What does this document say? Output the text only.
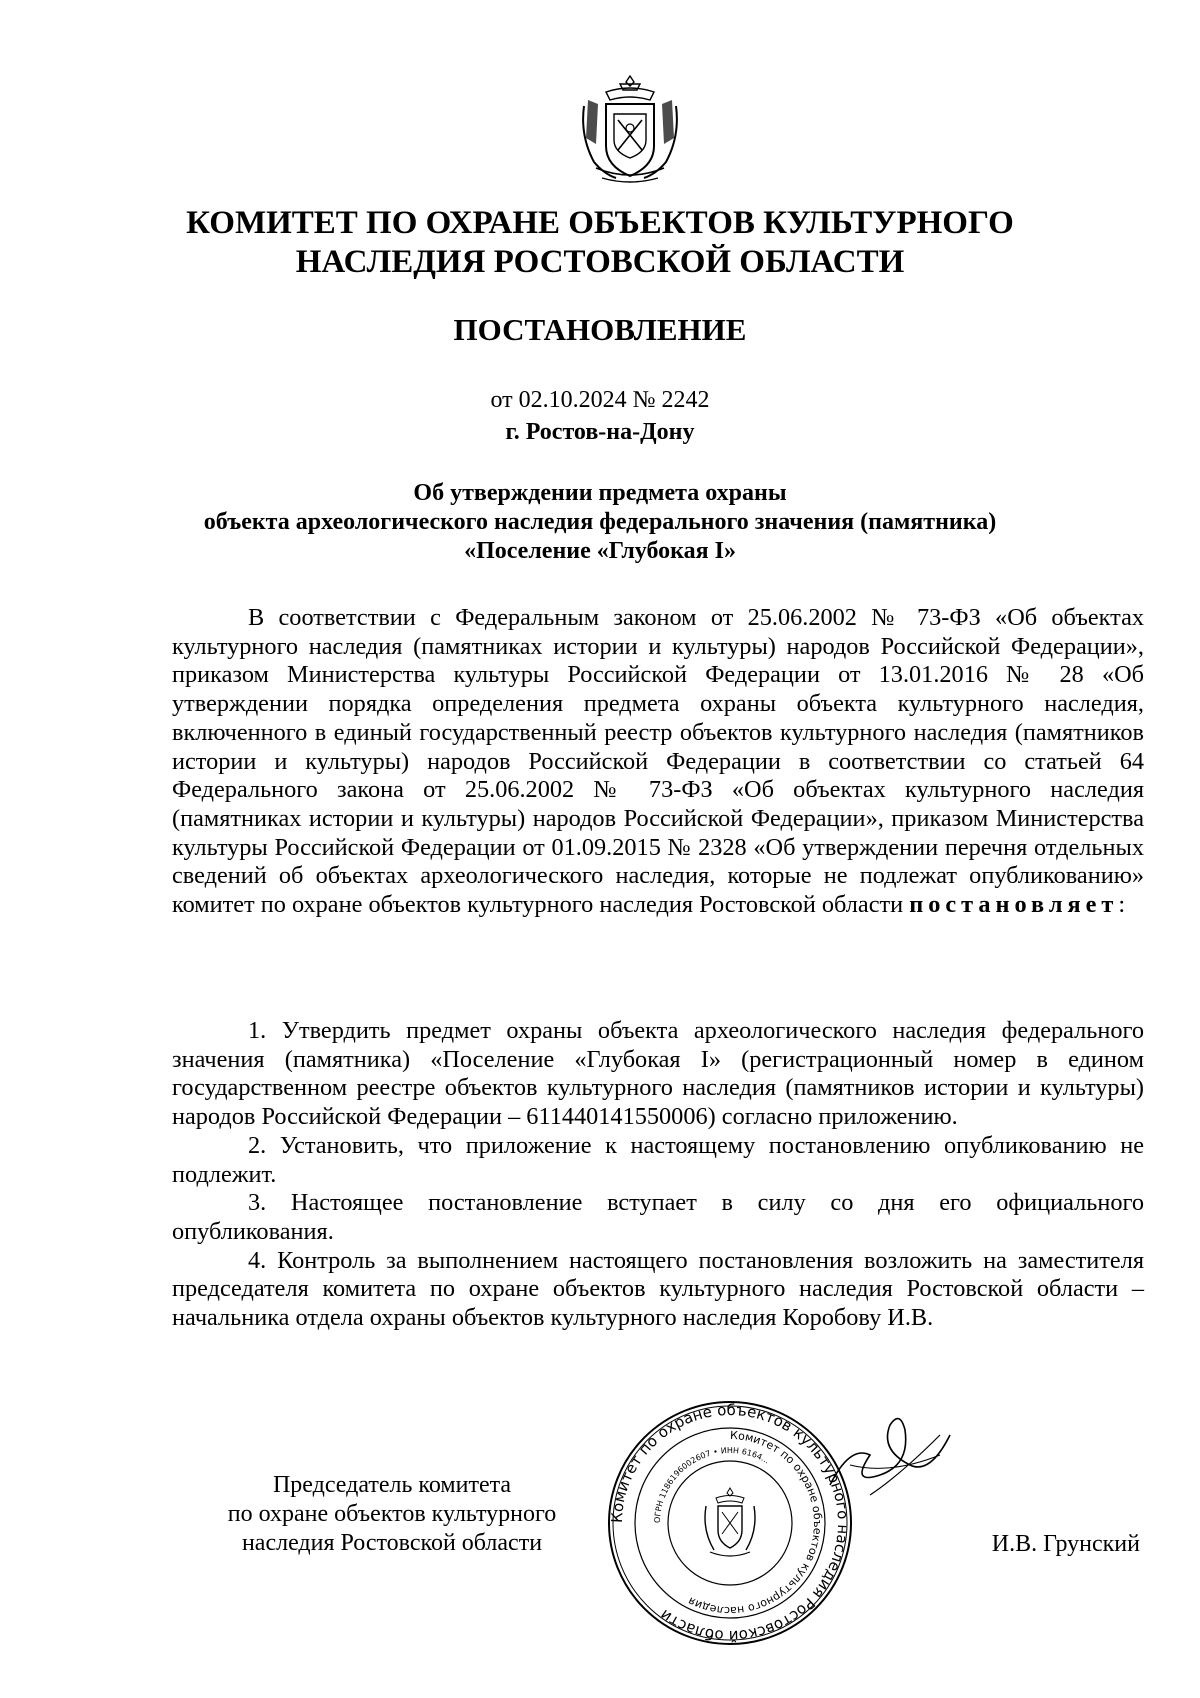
КОМИТЕТ ПО ОХРАНЕ ОБЪЕКТОВ КУЛЬТУРНОГО
НАСЛЕДИЯ РОСТОВСКОЙ ОБЛАСТИ
ПОСТАНОВЛЕНИЕ
от 02.10.2024 № 2242
г. Ростов-на-Дону
Об утверждении предмета охраны
объекта археологического наследия федерального значения (памятника)
«Поселение «Глубокая I»

В соответствии с Федеральным законом от 25.06.2002 № 73-ФЗ «Об объектах культурного наследия (памятниках истории и культуры) народов Российской Федерации», приказом Министерства культуры Российской Федерации от 13.01.2016 № 28 «Об утверждении порядка определения предмета охраны объекта культурного наследия, включенного в единый государственный реестр объектов культурного наследия (памятников истории и культуры) народов Российской Федерации в соответствии со статьей 64 Федерального закона от 25.06.2002 № 73-ФЗ «Об объектах культурного наследия (памятниках истории и культуры) народов Российской Федерации», приказом Министерства культуры Российской Федерации от 01.09.2015 № 2328 «Об утверждении перечня отдельных сведений об объектах археологического наследия, которые не подлежат опубликованию» комитет по охране объектов культурного наследия Ростовской области постановляет:

1. Утвердить предмет охраны объекта археологического наследия федерального значения (памятника) «Поселение «Глубокая I» (регистрационный номер в едином государственном реестре объектов культурного наследия (памятников истории и культуры) народов Российской Федерации – 611440141550006) согласно приложению.

2. Установить, что приложение к настоящему постановлению опубликованию не подлежит.

3. Настоящее постановление вступает в силу со дня его официального опубликования.

4. Контроль за выполнением настоящего постановления возложить на заместителя председателя комитета по охране объектов культурного наследия Ростовской области – начальника отдела охраны объектов культурного наследия Коробову И.В.

Председатель комитета
по охране объектов культурного
наследия Ростовской области
Комитет по охране объектов культурного наследия Ростовской области
Комитет по охране объектов культурного наследия
ОГРН 1186196002607 • ИНН 6164...
И.В. Грунский
